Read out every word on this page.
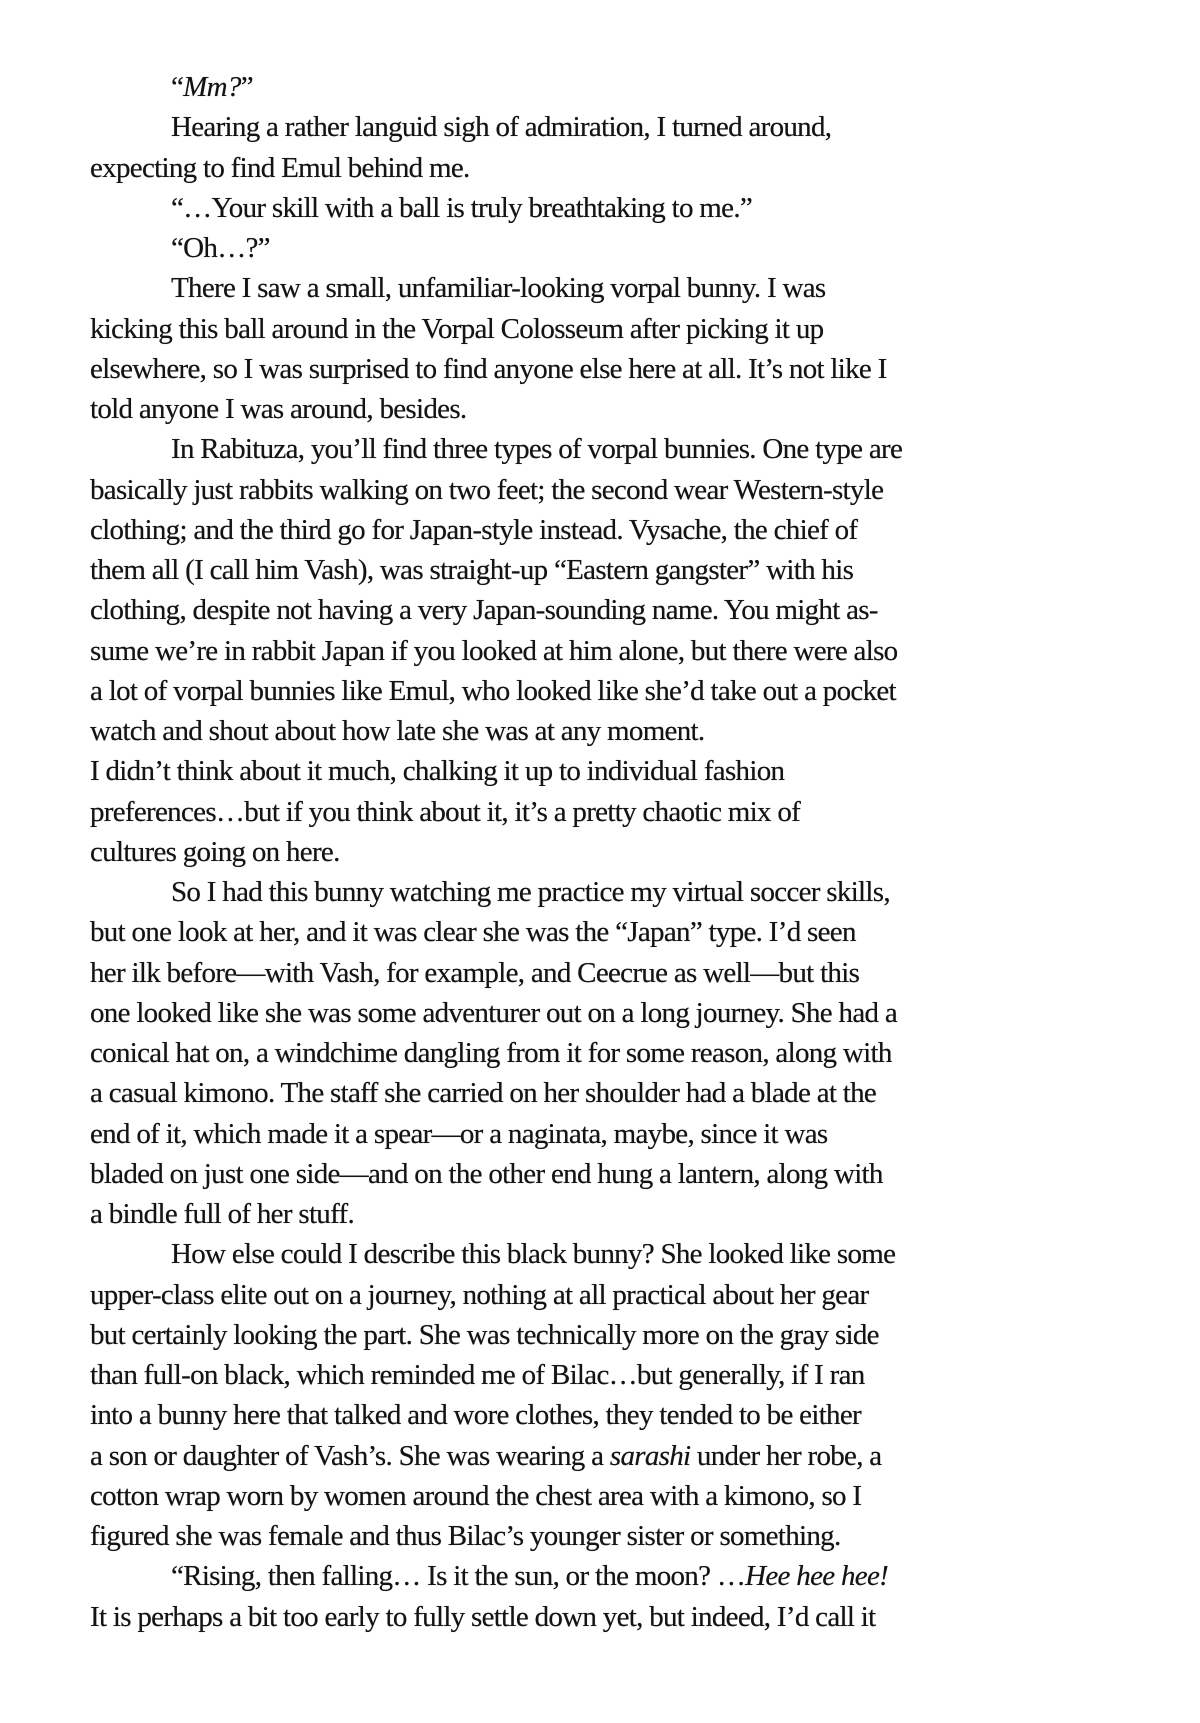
“Mm?”
Hearing a rather languid sigh of admiration, I turned around,
expecting to find Emul behind me.
“…Your skill with a ball is truly breathtaking to me.”
“Oh…?”
There I saw a small, unfamiliar-looking vorpal bunny. I was
kicking this ball around in the Vorpal Colosseum after picking it up
elsewhere, so I was surprised to find anyone else here at all. It’s not like I
told anyone I was around, besides.
In Rabituza, you’ll find three types of vorpal bunnies. One type are
basically just rabbits walking on two feet; the second wear Western-style
clothing; and the third go for Japan-style instead. Vysache, the chief of
them all (I call him Vash), was straight-up “Eastern gangster” with his
clothing, despite not having a very Japan-sounding name. You might as-
sume we’re in rabbit Japan if you looked at him alone, but there were also
a lot of vorpal bunnies like Emul, who looked like she’d take out a pocket
watch and shout about how late she was at any moment.
I didn’t think about it much, chalking it up to individual fashion
preferences…but if you think about it, it’s a pretty chaotic mix of
cultures going on here.
So I had this bunny watching me practice my virtual soccer skills,
but one look at her, and it was clear she was the “Japan” type. I’d seen
her ilk before—with Vash, for example, and Ceecrue as well—but this
one looked like she was some adventurer out on a long journey. She had a
conical hat on, a windchime dangling from it for some reason, along with
a casual kimono. The staff she carried on her shoulder had a blade at the
end of it, which made it a spear—or a naginata, maybe, since it was
bladed on just one side—and on the other end hung a lantern, along with
a bindle full of her stuff.
How else could I describe this black bunny? She looked like some
upper-class elite out on a journey, nothing at all practical about her gear
but certainly looking the part. She was technically more on the gray side
than full-on black, which reminded me of Bilac…but generally, if I ran
into a bunny here that talked and wore clothes, they tended to be either
a son or daughter of Vash’s. She was wearing a sarashi under her robe, a
cotton wrap worn by women around the chest area with a kimono, so I
figured she was female and thus Bilac’s younger sister or something.
“Rising, then falling… Is it the sun, or the moon? …Hee hee hee!
It is perhaps a bit too early to fully settle down yet, but indeed, I’d call it
